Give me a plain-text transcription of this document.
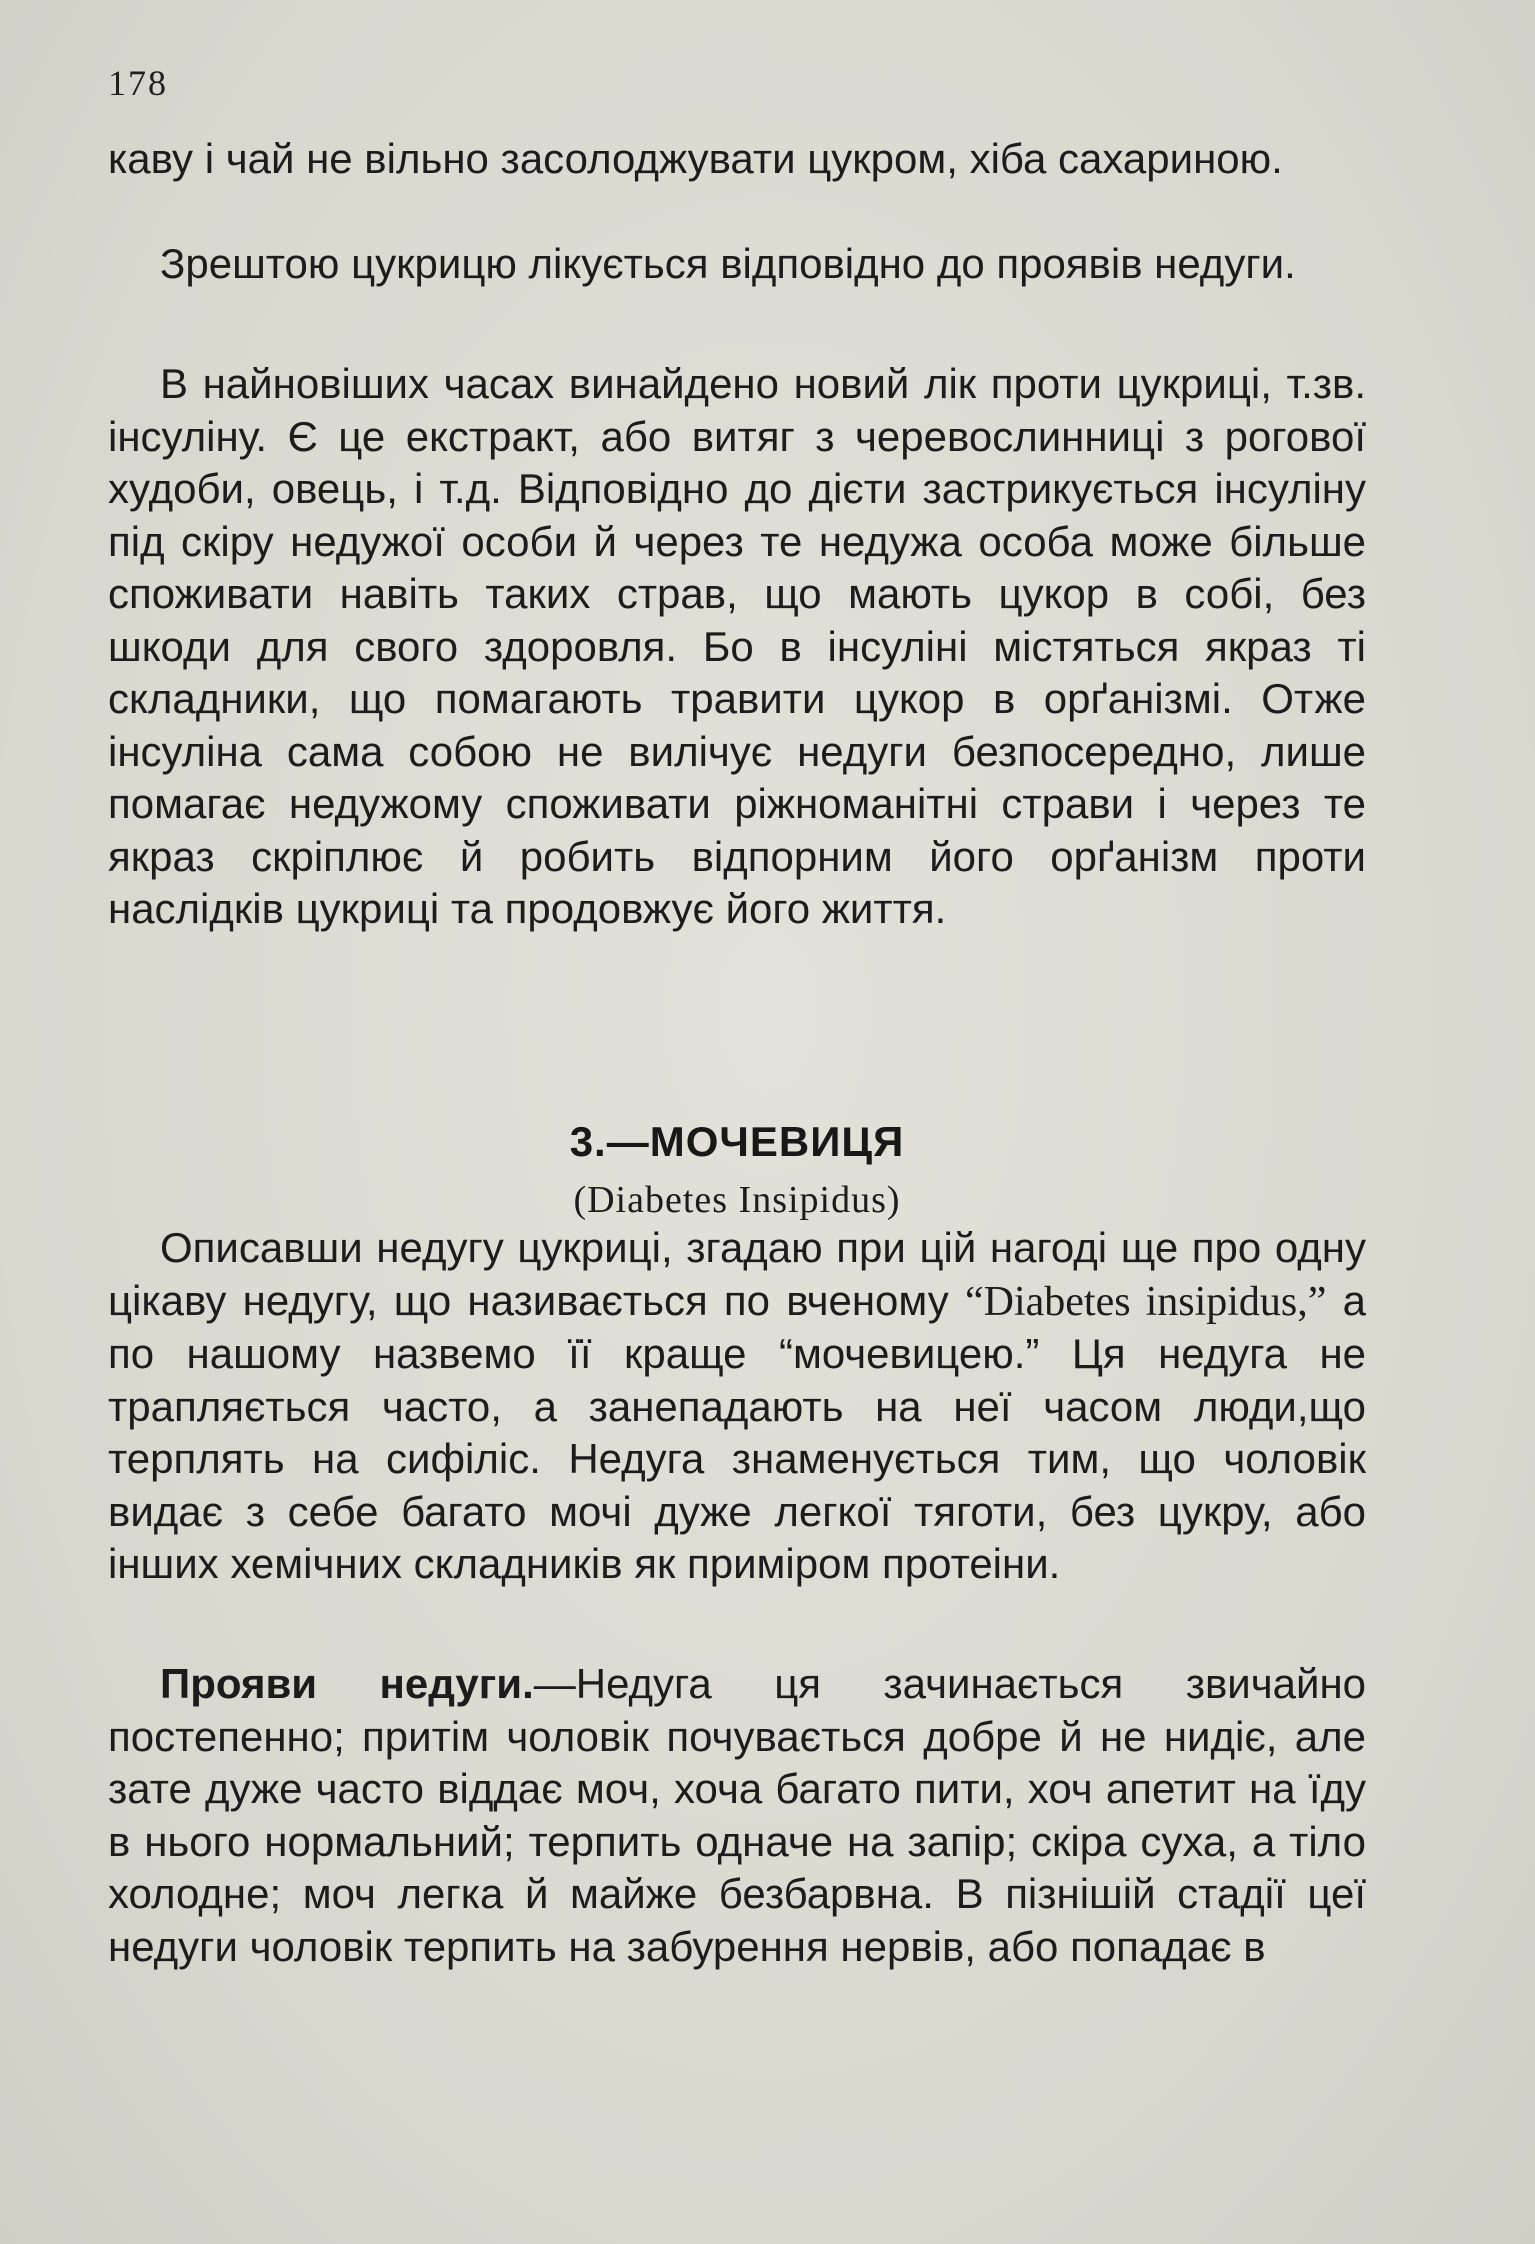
178

каву і чай не вільно засолоджувати цукром, хіба сахариною.

Зрештою цукрицю лікується відповідно до проявів недуги.

В найновіших часах винайдено новий лік проти цукриці, т.зв. інсуліну. Є це екстракт, або витяг з черевослинниці з рогової худоби, овець, і т.д. Відповідно до дієти застрикується інсуліну під скіру недужої особи й через те недужа особа може більше споживати навіть таких страв, що мають цукор в собі, без шкоди для свого здоровля. Бо в інсуліні містяться якраз ті складники, що помагають травити цукор в орґанізмі. Отже інсуліна сама собою не вилічує недуги безпосередно, лише помагає недужому споживати ріжноманітні страви і через те якраз скріплює й робить відпорним його орґанізм проти наслідків цукриці та продовжує його життя.

3.—МОЧЕВИЦЯ
(Diabetes Insipidus)

Описавши недугу цукриці, згадаю при цій нагоді ще про одну цікаву недугу, що називається по вченому “Diabetes insipidus,” а по нашому назвемо її краще “мочевицею.” Ця недуга не трапляється часто, а занепадають на неї часом люди,що терплять на сифіліс. Недуга знаменується тим, що чоловік видає з себе багато мочі дуже легкої тяготи, без цукру, або інших хемічних складників як приміром протеіни.

Прояви недуги.—Недуга ця зачинається звичайно постепенно; притім чоловік почувається добре й не нидіє, але зате дуже часто віддає моч, хоча багато пити, хоч апетит на їду в нього нормальний; терпить одначе на запір; скіра суха, а тіло холодне; моч легка й майже безбарвна. В пізнішій стадії цеї недуги чоловік терпить на забурення нервів, або попадає в
